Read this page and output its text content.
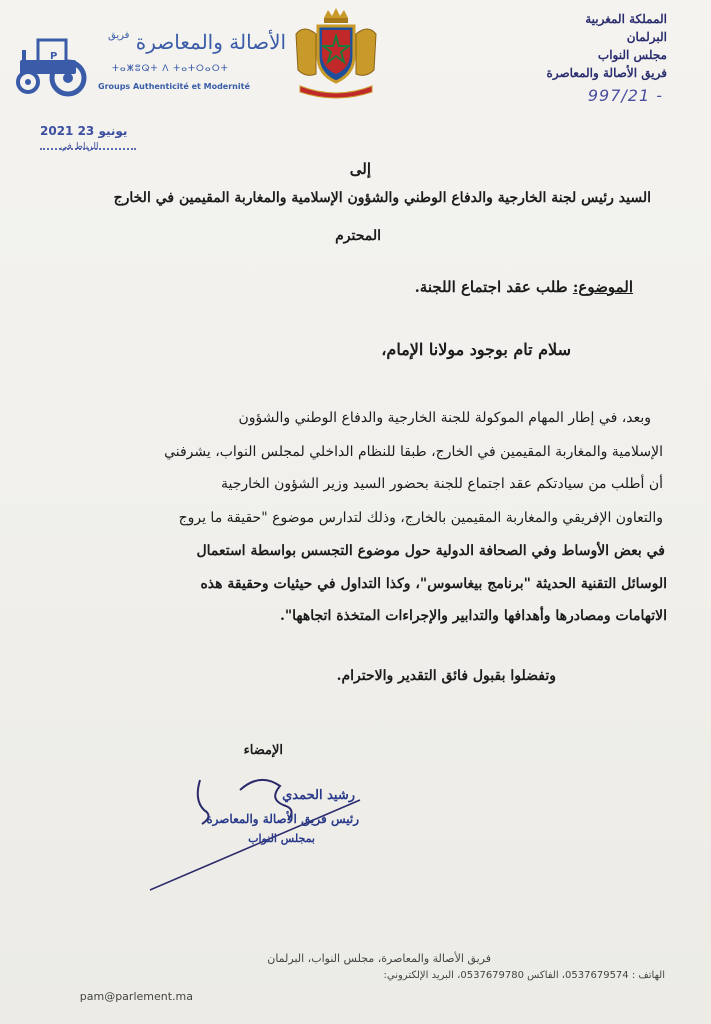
P
الأصالة والمعاصرة $^{فريق}$
ⵜⴰⵥⵓⵕⵜ ⴷ ⵜⴰⵜⵔⴰⵔⵜ
Groups Authenticité et Modernité
المملكة المغربية
البرلمان
مجلس النواب
فريق الأصالة والمعاصرة
997/21 -
2021 23 يونيو
الرباط في
إلى
السيد رئيس لجنة الخارجية والدفاع الوطني والشؤون الإسلامية والمغاربة المقيمين في الخارج
المحترم
الموضوع: طلب عقد اجتماع اللجنة.
سلام تام بوجود مولانا الإمام،
وبعد، في إطار المهام الموكولة للجنة الخارجية والدفاع الوطني والشؤون
الإسلامية والمغاربة المقيمين في الخارج، طبقا للنظام الداخلي لمجلس النواب، يشرفني
أن أطلب من سيادتكم عقد اجتماع للجنة بحضور السيد وزير الشؤون الخارجية
والتعاون الإفريقي والمغاربة المقيمين بالخارج، وذلك لتدارس موضوع "حقيقة ما يروج
في بعض الأوساط وفي الصحافة الدولية حول موضوع التجسس بواسطة استعمال
الوسائل التقنية الحديثة "برنامج بيغاسوس"، وكذا التداول في حيثيات وحقيقة هذه
الاتهامات ومصادرها وأهدافها والتدابير والإجراءات المتخذة اتجاهها".
وتفضلوا بقبول فائق التقدير والاحترام.
الإمضاء
رشيد الحمدي
رئيس فريق الأصالة والمعاصرة
بمجلس النواب
فريق الأصالة والمعاصرة، مجلس النواب، البرلمان
الهاتف : 0537679574، الفاكس 0537679780، البريد الإلكتروني:
pam@parlement.ma
